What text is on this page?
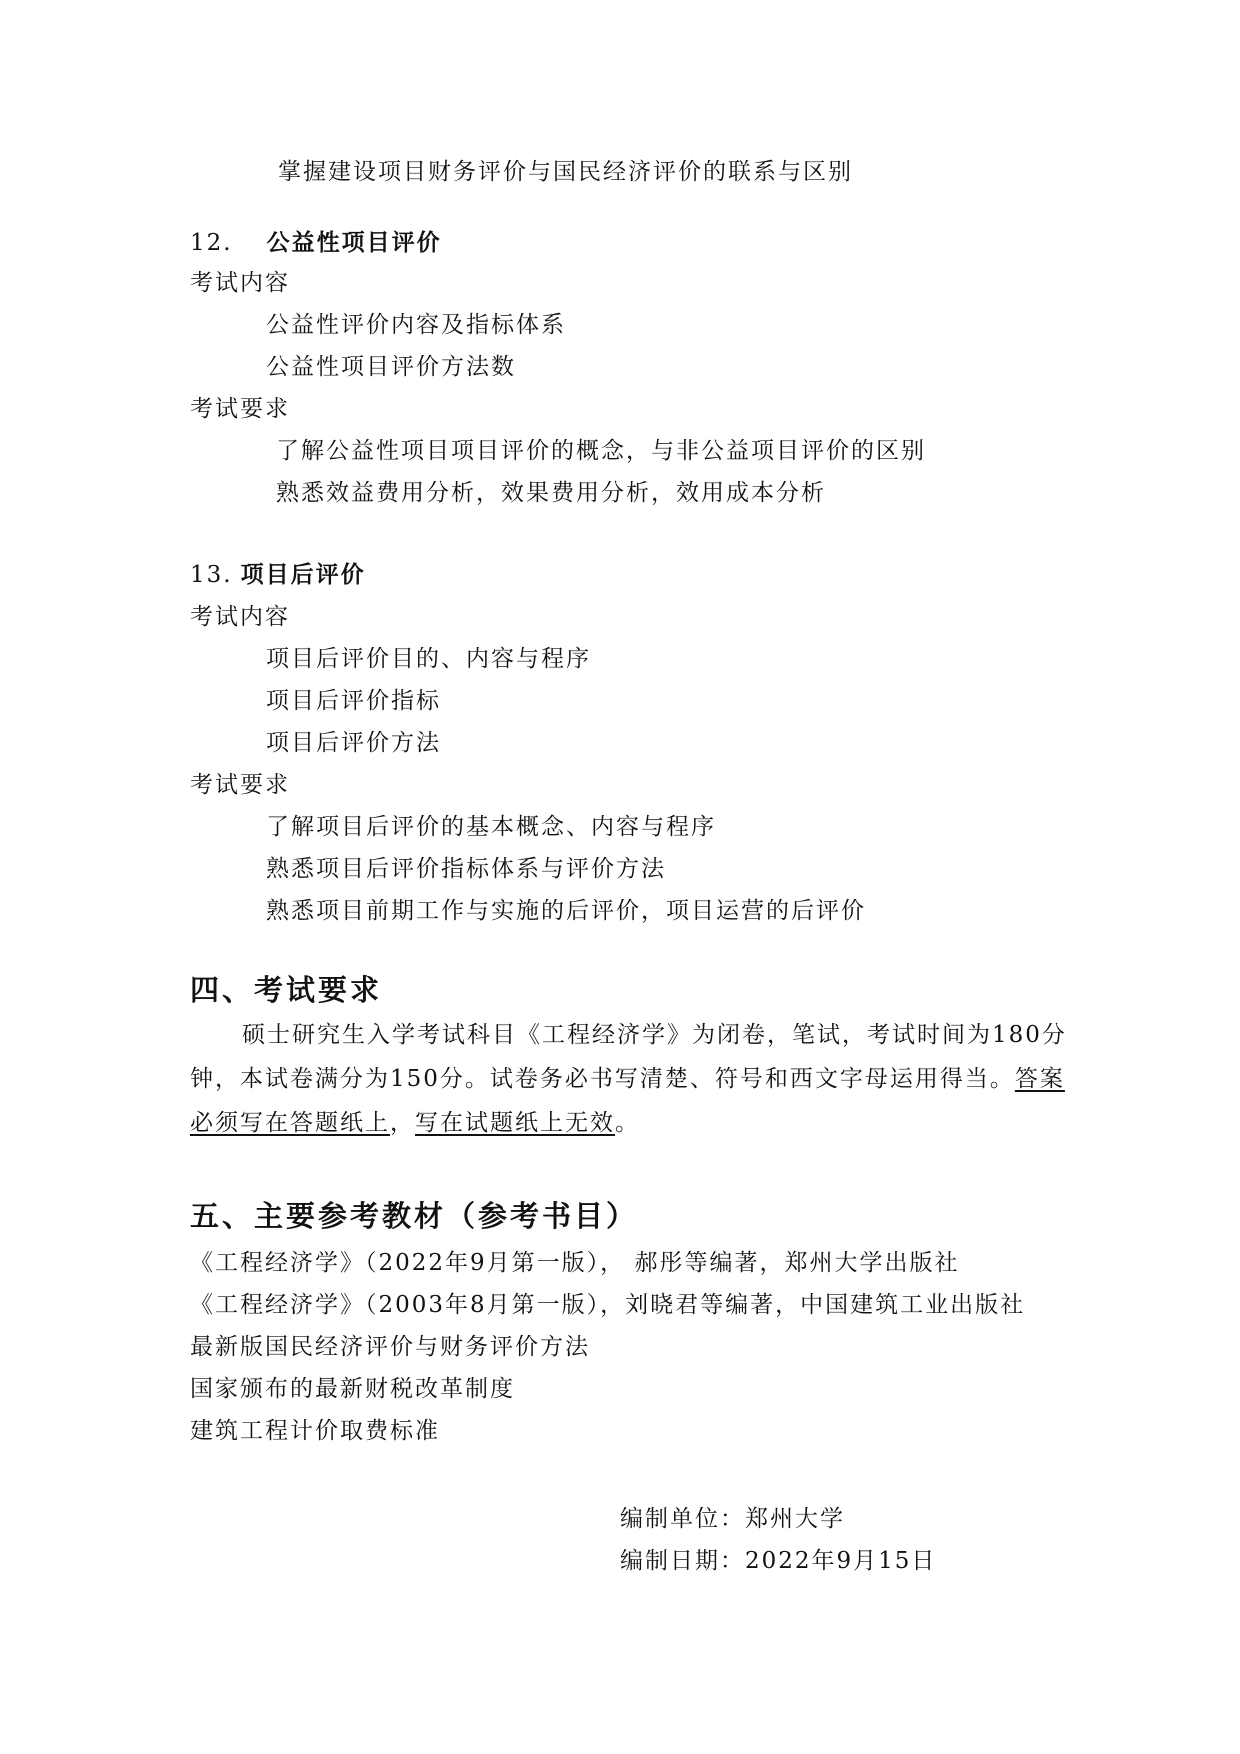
掌握建设项目财务评价与国民经济评价的联系与区别
12. 公益性项目评价
考试内容
公益性评价内容及指标体系
公益性项目评价方法数
考试要求
了解公益性项目项目评价的概念，与非公益项目评价的区别
熟悉效益费用分析，效果费用分析，效用成本分析
13. 项目后评价
考试内容
项目后评价目的、内容与程序
项目后评价指标
项目后评价方法
考试要求
了解项目后评价的基本概念、内容与程序
熟悉项目后评价指标体系与评价方法
熟悉项目前期工作与实施的后评价，项目运营的后评价
四、考试要求
硕士研究生入学考试科目《工程经济学》为闭卷，笔试，考试时间为180分
钟，本试卷满分为150分。试卷务必书写清楚、符号和西文字母运用得当。答案
必须写在答题纸上，写在试题纸上无效。
五、主要参考教材（参考书目）
《工程经济学》（2022年9月第一版）， 郝彤等编著，郑州大学出版社
《工程经济学》（2003年8月第一版），刘晓君等编著，中国建筑工业出版社
最新版国民经济评价与财务评价方法
国家颁布的最新财税改革制度
建筑工程计价取费标准
编制单位：郑州大学
编制日期：2022年9月15日
